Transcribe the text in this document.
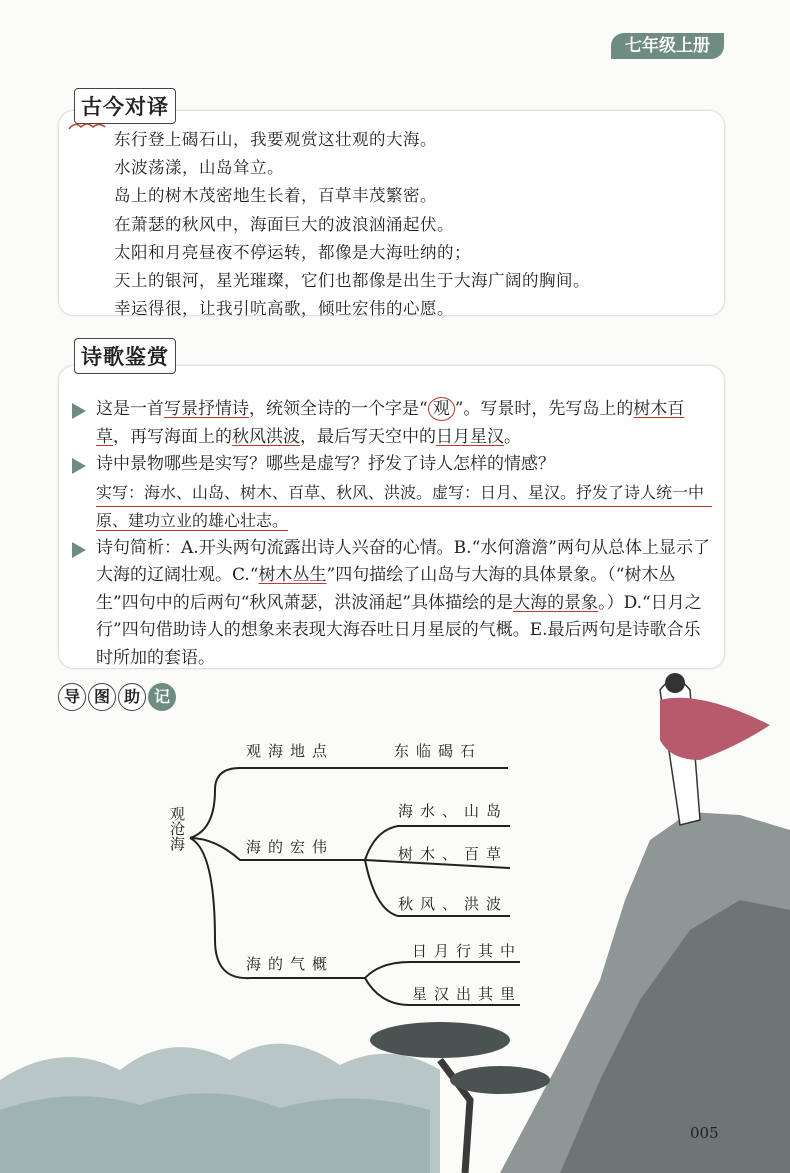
七年级上册
古今对译
东行登上碣石山，我要观赏这壮观的大海。
水波荡漾，山岛耸立。
岛上的树木茂密地生长着，百草丰茂繁密。
在萧瑟的秋风中，海面巨大的波浪汹涌起伏。
太阳和月亮昼夜不停运转，都像是大海吐纳的；
天上的银河，星光璀璨，它们也都像是出生于大海广阔的胸间。
幸运得很，让我引吭高歌，倾吐宏伟的心愿。
诗歌鉴赏
这是一首写景抒情诗，统领全诗的一个字是“ 观 ”。写景时，先写岛上的树木百草，再写海面上的秋风洪波，最后写天空中的日月星汉。
诗中景物哪些是实写？哪些是虚写？抒发了诗人怎样的情感？
实写：海水、山岛、树木、百草、秋风、洪波。虚写：日月、星汉。抒发了诗人统一中
原、建功立业的雄心壮志。
诗句简析：A.开头两句流露出诗人兴奋的心情。B.“水何澹澹”两句从总体上显示了大海的辽阔壮观。C.“树木丛生”四句描绘了山岛与大海的具体景象。（“树木丛生”四句中的后两句“秋风萧瑟，洪波涌起”具体描绘的是大海的景象。）D.“日月之行”四句借助诗人的想象来表现大海吞吐日月星辰的气概。E.最后两句是诗歌合乐时所加的套语。
导 图 助 记
观沧海
观海地点	东临碣石
海的宏伟
海水、山岛
树木、百草
秋风、洪波
海的气概
日月行其中
星汉出其里
005
